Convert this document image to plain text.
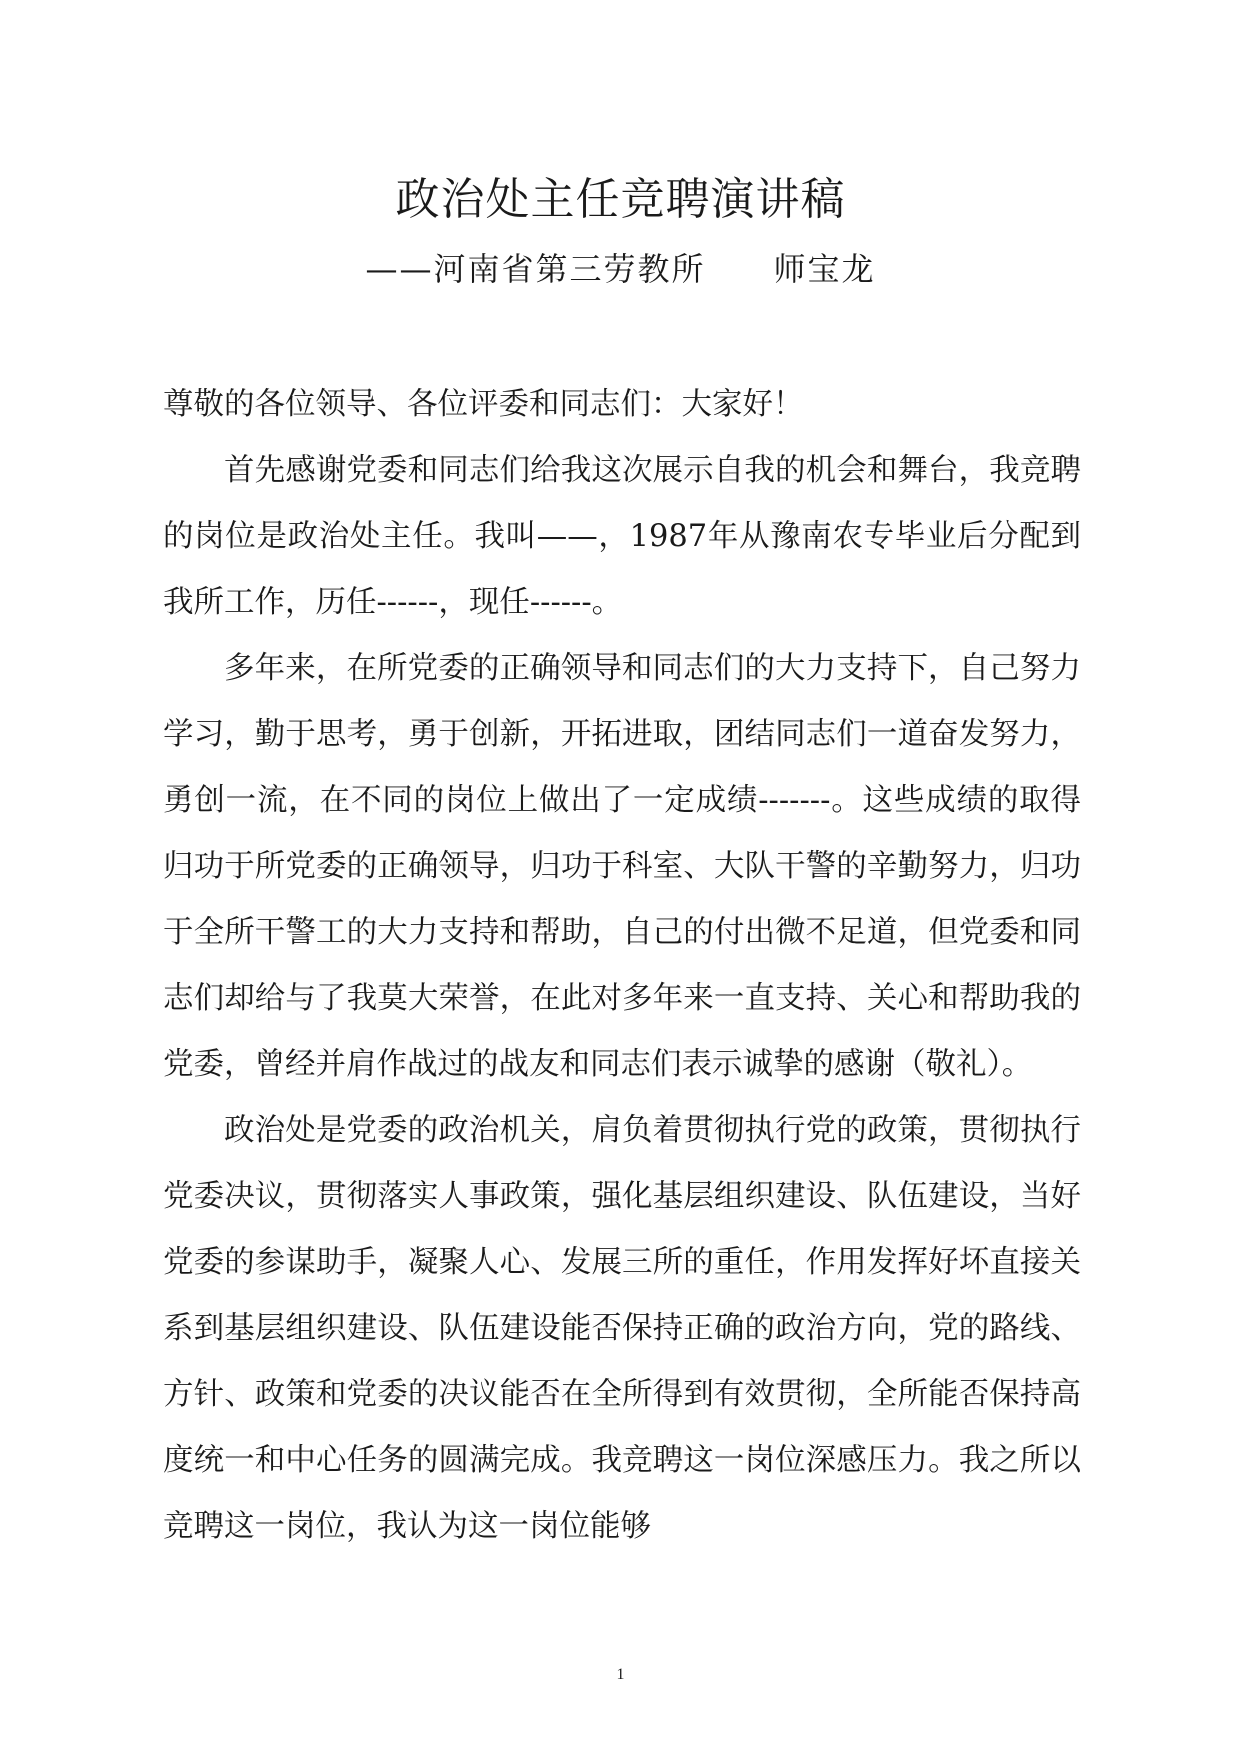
政治处主任竞聘演讲稿
——河南省第三劳教所　　师宝龙

尊敬的各位领导、各位评委和同志们：大家好！

首先感谢党委和同志们给我这次展示自我的机会和舞台，我竞聘的岗位是政治处主任。我叫——，1987年从豫南农专毕业后分配到我所工作，历任------，现任------。

多年来，在所党委的正确领导和同志们的大力支持下，自己努力学习，勤于思考，勇于创新，开拓进取，团结同志们一道奋发努力，勇创一流，在不同的岗位上做出了一定成绩-------。这些成绩的取得归功于所党委的正确领导，归功于科室、大队干警的辛勤努力，归功于全所干警工的大力支持和帮助，自己的付出微不足道，但党委和同志们却给与了我莫大荣誉，在此对多年来一直支持、关心和帮助我的党委，曾经并肩作战过的战友和同志们表示诚挚的感谢（敬礼）。

政治处是党委的政治机关，肩负着贯彻执行党的政策，贯彻执行党委决议，贯彻落实人事政策，强化基层组织建设、队伍建设，当好党委的参谋助手，凝聚人心、发展三所的重任，作用发挥好坏直接关系到基层组织建设、队伍建设能否保持正确的政治方向，党的路线、方针、政策和党委的决议能否在全所得到有效贯彻，全所能否保持高度统一和中心任务的圆满完成。我竞聘这一岗位深感压力。我之所以竞聘这一岗位，我认为这一岗位能够

1
